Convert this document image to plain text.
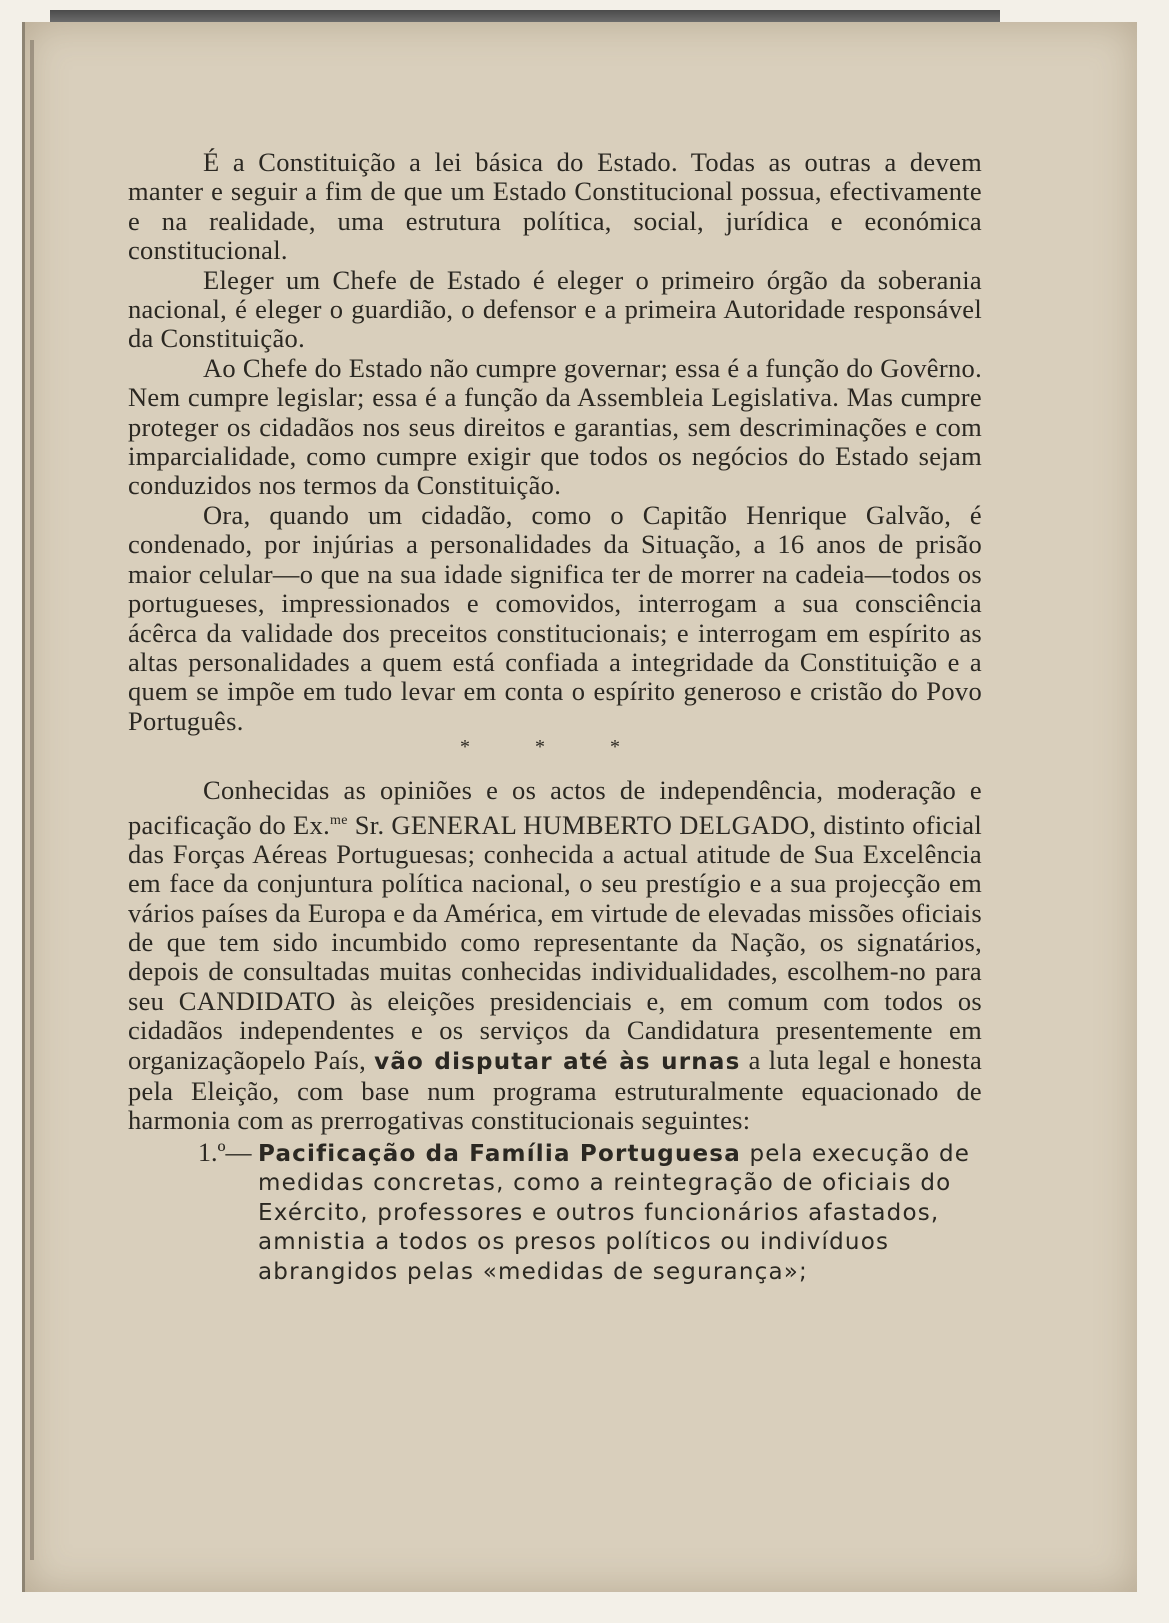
É a Constituição a lei básica do Estado. Todas as outras a devem manter e seguir a fim de que um Estado Constitucional possua, efectivamente e na realidade, uma estrutura política, social, jurídica e económica constitucional.

Eleger um Chefe de Estado é eleger o primeiro órgão da soberania nacional, é eleger o guardião, o defensor e a primeira Autoridade responsável da Constituição.

Ao Chefe do Estado não cumpre governar; essa é a função do Govêrno. Nem cumpre legislar; essa é a função da Assembleia Legislativa. Mas cumpre proteger os cidadãos nos seus direitos e garantias, sem descriminações e com imparcialidade, como cumpre exigir que todos os negócios do Estado sejam conduzidos nos termos da Constituição.

Ora, quando um cidadão, como o Capitão Henrique Galvão, é condenado, por injúrias a personalidades da Situação, a 16 anos de prisão maior celular—o que na sua idade significa ter de morrer na cadeia—todos os portugueses, impressionados e comovidos, interrogam a sua consciência ácêrca da validade dos preceitos constitucionais; e interrogam em espírito as altas personalidades a quem está confiada a integridade da Constituição e a quem se impõe em tudo levar em conta o espírito generoso e cristão do Povo Português.

* * *

Conhecidas as opiniões e os actos de independência, moderação e pacificação do Ex.$^{me}$ Sr. GENERAL HUMBERTO DELGADO, distinto oficial das Forças Aéreas Portuguesas; conhecida a actual atitude de Sua Excelência em face da conjuntura política nacional, o seu prestígio e a sua projecção em vários países da Europa e da América, em virtude de elevadas missões oficiais de que tem sido incumbido como representante da Nação, os signatários, depois de consultadas muitas conhecidas individualidades, escolhem-no para seu CANDIDATO às eleições presidenciais e, em comum com todos os cidadãos independentes e os serviços da Candidatura presentemente em organizaçãopelo País, vão disputar até às urnas a luta legal e honesta pela Eleição, com base num programa estruturalmente equacionado de harmonia com as prerrogativas constitucionais seguintes:

1.º— Pacificação da Família Portuguesa pela execução de medidas concretas, como a reintegração de oficiais do Exército, professores e outros funcionários afastados, amnistia a todos os presos políticos ou indivíduos abrangidos pelas «medidas de segurança»;
